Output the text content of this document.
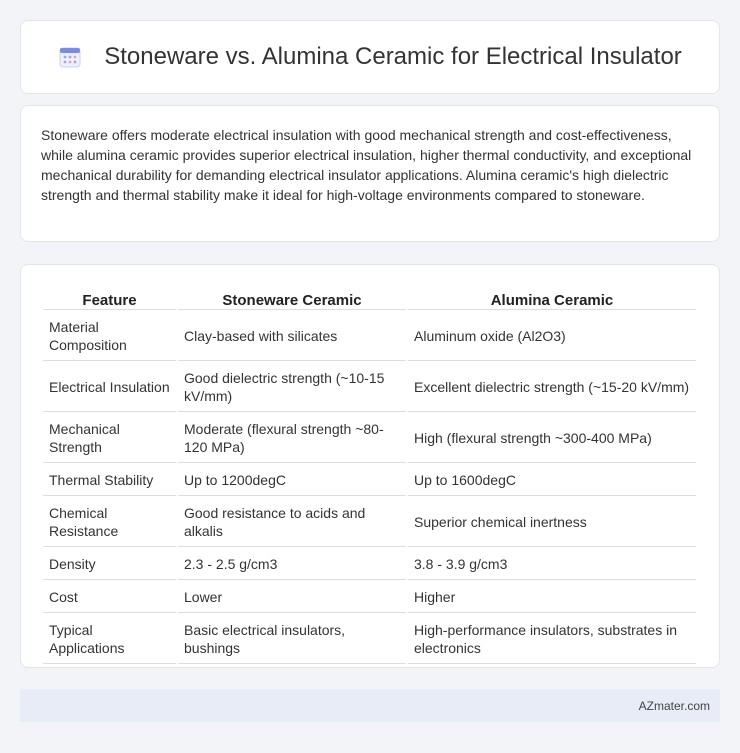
Stoneware vs. Alumina Ceramic for Electrical Insulator

Stoneware offers moderate electrical insulation with good mechanical strength and cost-effectiveness, while alumina ceramic provides superior electrical insulation, higher thermal conductivity, and exceptional mechanical durability for demanding electrical insulator applications. Alumina ceramic's high dielectric strength and thermal stability make it ideal for high-voltage environments compared to stoneware.

Feature	Stoneware Ceramic	Alumina Ceramic
Material Composition	Clay-based with silicates	Aluminum oxide (Al2O3)
Electrical Insulation	Good dielectric strength (~10-15 kV/mm)	Excellent dielectric strength (~15-20 kV/mm)
Mechanical Strength	Moderate (flexural strength ~80-120 MPa)	High (flexural strength ~300-400 MPa)
Thermal Stability	Up to 1200degC	Up to 1600degC
Chemical Resistance	Good resistance to acids and alkalis	Superior chemical inertness
Density	2.3 - 2.5 g/cm3	3.8 - 3.9 g/cm3
Cost	Lower	Higher
Typical Applications	Basic electrical insulators, bushings	High-performance insulators, substrates in electronics
AZmater.com
